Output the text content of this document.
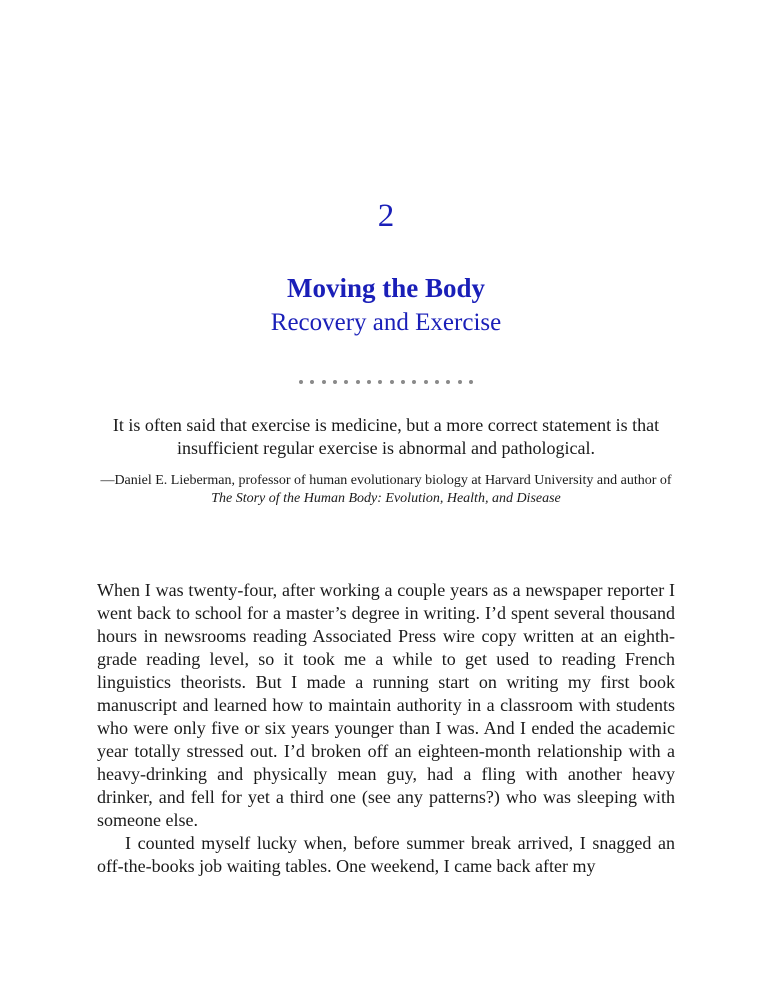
2
Moving the Body
Recovery and Exercise

It is often said that exercise is medicine, but a more correct statement is that insufficient regular exercise is abnormal and pathological.

—Daniel E. Lieberman, professor of human evolutionary biology at Harvard University and author of The Story of the Human Body: Evolution, Health, and Disease

When I was twenty-four, after working a couple years as a newspaper reporter I went back to school for a master’s degree in writing. I’d spent several thousand hours in newsrooms reading Associated Press wire copy written at an eighth-grade reading level, so it took me a while to get used to reading French linguistics theorists. But I made a running start on writing my first book manuscript and learned how to maintain authority in a classroom with students who were only five or six years younger than I was. And I ended the academic year totally stressed out. I’d broken off an eighteen-month relationship with a heavy-drinking and physically mean guy, had a fling with another heavy drinker, and fell for yet a third one (see any patterns?) who was sleeping with someone else.

I counted myself lucky when, before summer break arrived, I snagged an off-the-books job waiting tables. One weekend, I came back after my
